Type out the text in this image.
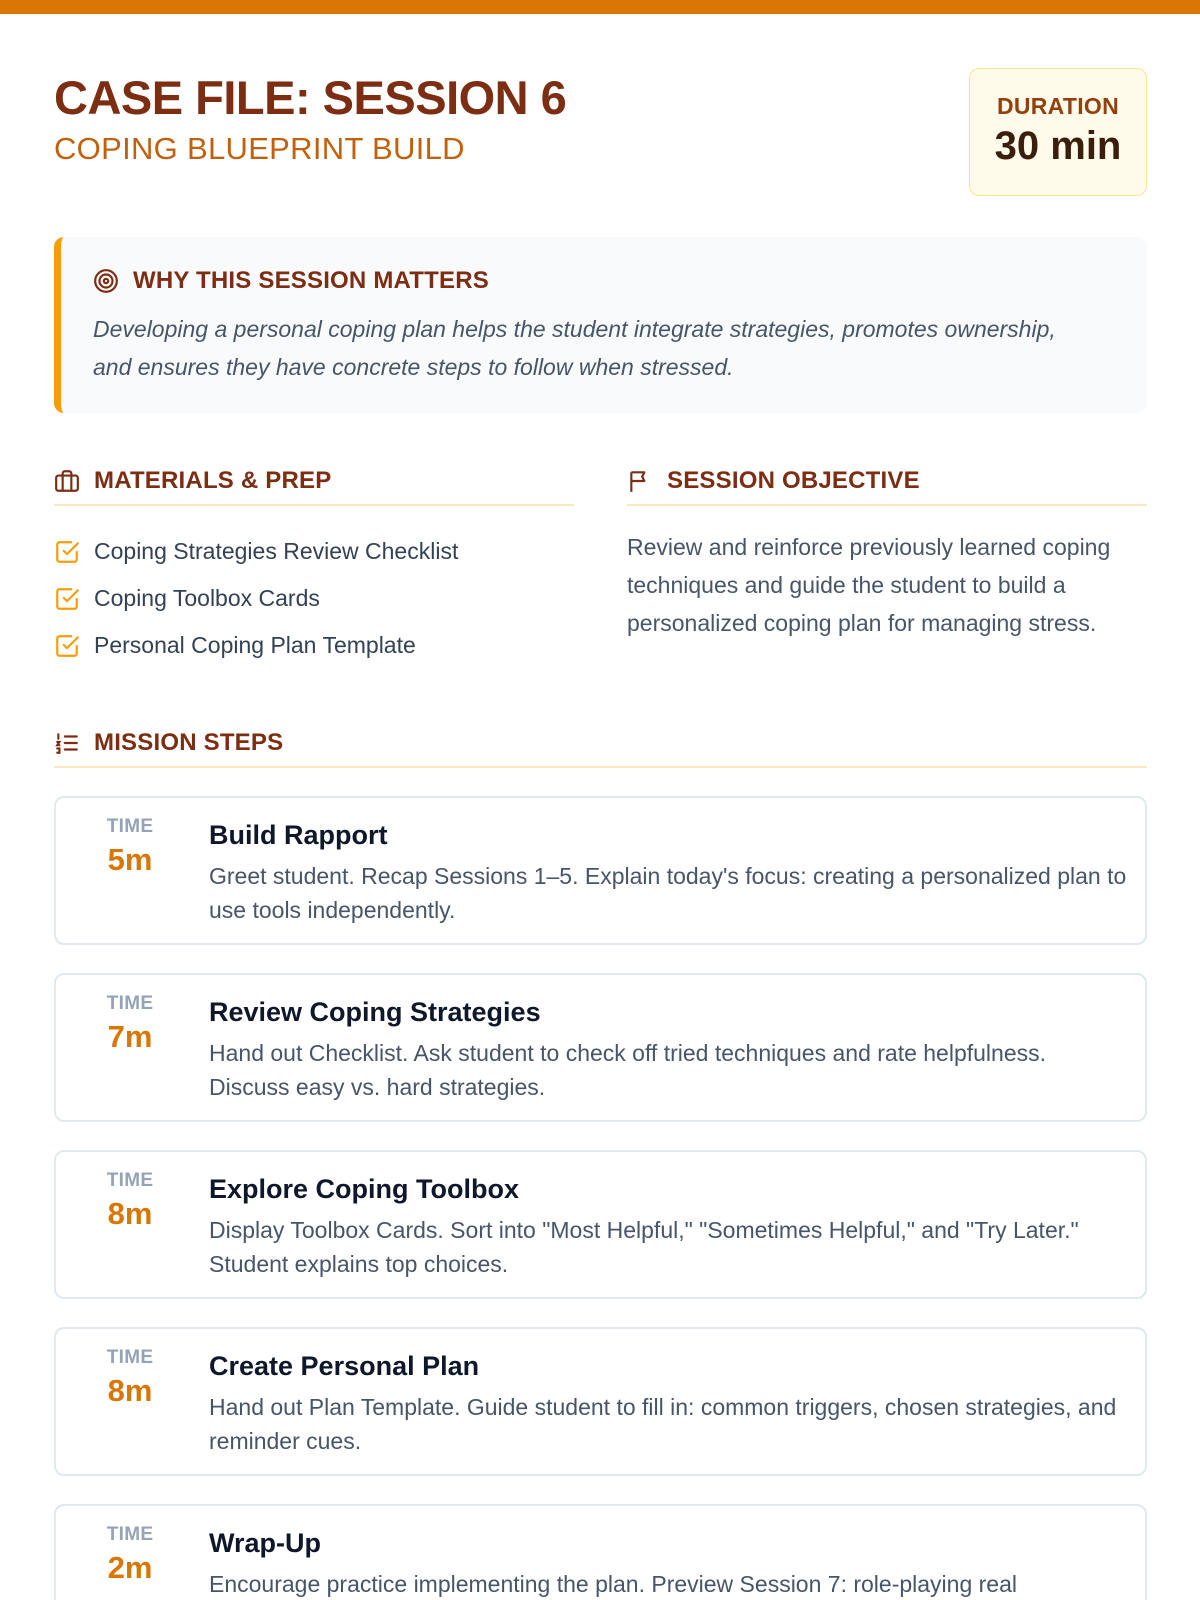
CASE FILE: SESSION 6
COPING BLUEPRINT BUILD
DURATION
30 min
WHY THIS SESSION MATTERS

Developing a personal coping plan helps the student integrate strategies, promotes ownership, and ensures they have concrete steps to follow when stressed.

MATERIALS & PREP
Coping Strategies Review Checklist
Coping Toolbox Cards
Personal Coping Plan Template
SESSION OBJECTIVE

Review and reinforce previously learned coping techniques and guide the student to build a personalized coping plan for managing stress.

MISSION STEPS
TIME
5m
Build Rapport
Greet student. Recap Sessions 1–5. Explain today's focus: creating a personalized plan to use tools independently.
TIME
7m
Review Coping Strategies
Hand out Checklist. Ask student to check off tried techniques and rate helpfulness. Discuss easy vs. hard strategies.
TIME
8m
Explore Coping Toolbox
Display Toolbox Cards. Sort into "Most Helpful," "Sometimes Helpful," and "Try Later." Student explains top choices.
TIME
8m
Create Personal Plan
Hand out Plan Template. Guide student to fill in: common triggers, chosen strategies, and reminder cues.
TIME
2m
Wrap-Up
Encourage practice implementing the plan. Preview Session 7: role-playing real
